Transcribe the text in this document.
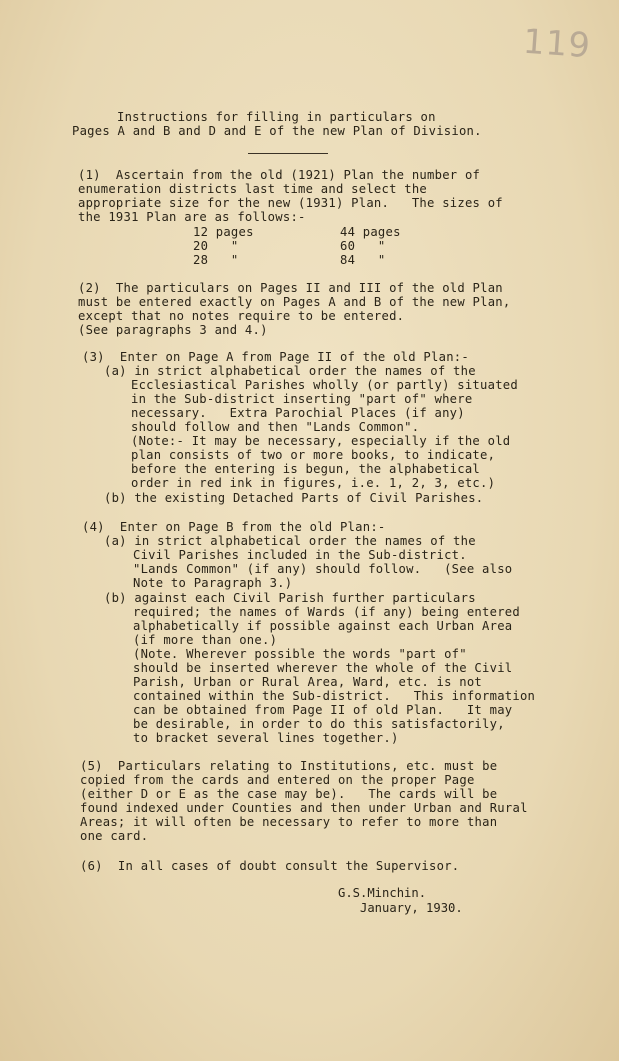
119
Instructions for filling in particulars on
Pages A and B and D and E of the new Plan of Division.
(1)  Ascertain from the old (1921) Plan the number of
enumeration districts last time and select the
appropriate size for the new (1931) Plan.   The sizes of
the 1931 Plan are as follows:-
12 pages	44 pages
20   "	60   "
28   "	84   "
(2)  The particulars on Pages II and III of the old Plan
must be entered exactly on Pages A and B of the new Plan,
except that no notes require to be entered.
(See paragraphs 3 and 4.)
(3)  Enter on Page A from Page II of the old Plan:-
(a) in strict alphabetical order the names of the
Ecclesiastical Parishes wholly (or partly) situated
in the Sub-district inserting "part of" where
necessary.   Extra Parochial Places (if any)
should follow and then "Lands Common".
(Note:- It may be necessary, especially if the old
plan consists of two or more books, to indicate,
before the entering is begun, the alphabetical
order in red ink in figures, i.e. 1, 2, 3, etc.)
(b) the existing Detached Parts of Civil Parishes.
(4)  Enter on Page B from the old Plan:-
(a) in strict alphabetical order the names of the
Civil Parishes included in the Sub-district.
"Lands Common" (if any) should follow.   (See also
Note to Paragraph 3.)
(b) against each Civil Parish further particulars
required; the names of Wards (if any) being entered
alphabetically if possible against each Urban Area
(if more than one.)
(Note. Wherever possible the words "part of"
should be inserted wherever the whole of the Civil
Parish, Urban or Rural Area, Ward, etc. is not
contained within the Sub-district.   This information
can be obtained from Page II of old Plan.   It may
be desirable, in order to do this satisfactorily,
to bracket several lines together.)
(5)  Particulars relating to Institutions, etc. must be
copied from the cards and entered on the proper Page
(either D or E as the case may be).   The cards will be
found indexed under Counties and then under Urban and Rural
Areas; it will often be necessary to refer to more than
one card.
(6)  In all cases of doubt consult the Supervisor.
G.S.Minchin.
January, 1930.
